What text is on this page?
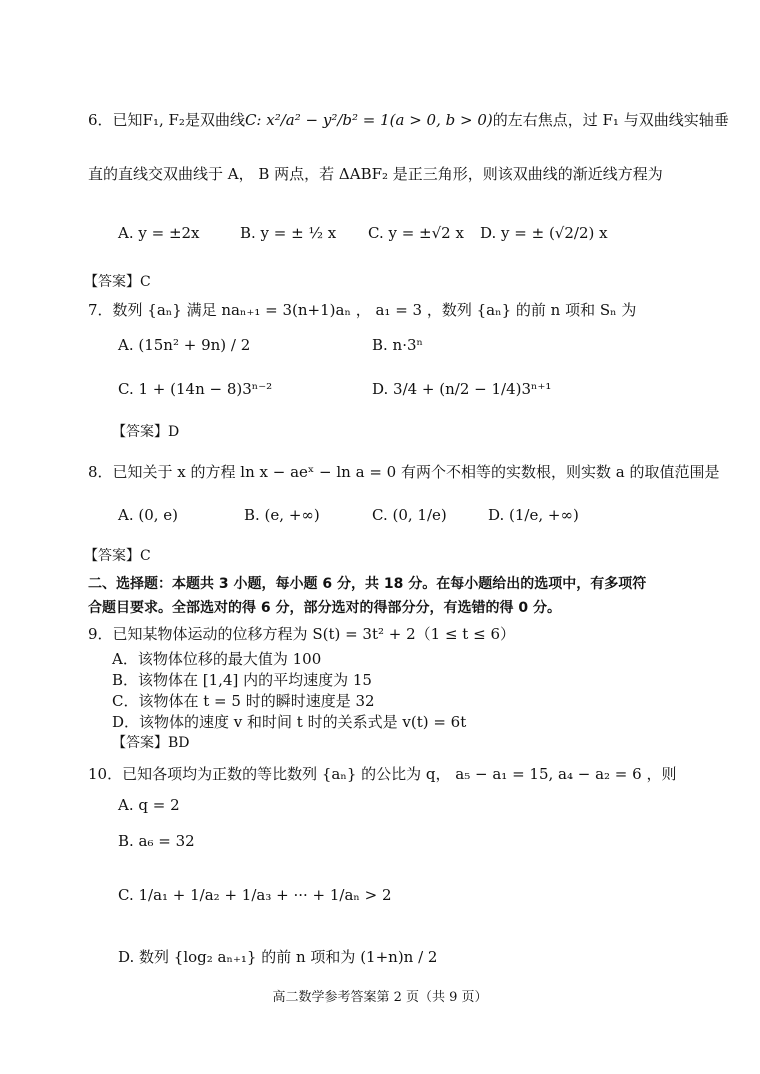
6．已知F₁, F₂是双曲线C: x²/a² − y²/b² = 1(a > 0, b > 0)的左右焦点，过 F₁ 与双曲线实轴垂
直的直线交双曲线于 A， B 两点，若 ΔABF₂ 是正三角形，则该双曲线的渐近线方程为
A. y = ±2x	B. y = ± ½ x C. y = ±√2 x D. y = ± (√2/2) x
【答案】C
7．数列 {aₙ} 满足 naₙ₊₁ = 3(n+1)aₙ ， a₁ = 3 ，数列 {aₙ} 的前 n 项和 Sₙ 为
A. (15n² + 9n) / 2	B. n·3ⁿ
C. 1 + (14n − 8)3ⁿ⁻²	D. 3/4 + (n/2 − 1/4)3ⁿ⁺¹
【答案】D
8．已知关于 x 的方程 ln x − aeˣ − ln a = 0 有两个不相等的实数根，则实数 a 的取值范围是
A. (0, e)	B. (e, +∞)	C. (0, 1/e)	D. (1/e, +∞)
【答案】C
二、选择题：本题共 3 小题，每小题 6 分，共 18 分。在每小题给出的选项中，有多项符
合题目要求。全部选对的得 6 分，部分选对的得部分分，有选错的得 0 分。
9．已知某物体运动的位移方程为 S(t) = 3t² + 2（1 ≤ t ≤ 6）
A．该物体位移的最大值为 100
B．该物体在 [1,4] 内的平均速度为 15
C．该物体在 t = 5 时的瞬时速度是 32
D．该物体的速度 v 和时间 t 时的关系式是 v(t) = 6t
【答案】BD
10．已知各项均为正数的等比数列 {aₙ} 的公比为 q， a₅ − a₁ = 15, a₄ − a₂ = 6 ，则
A. q = 2
B. a₆ = 32
C. 1/a₁ + 1/a₂ + 1/a₃ + ··· + 1/aₙ > 2
D. 数列 {log₂ aₙ₊₁} 的前 n 项和为 (1+n)n / 2
高二数学参考答案第 2 页（共 9 页）
